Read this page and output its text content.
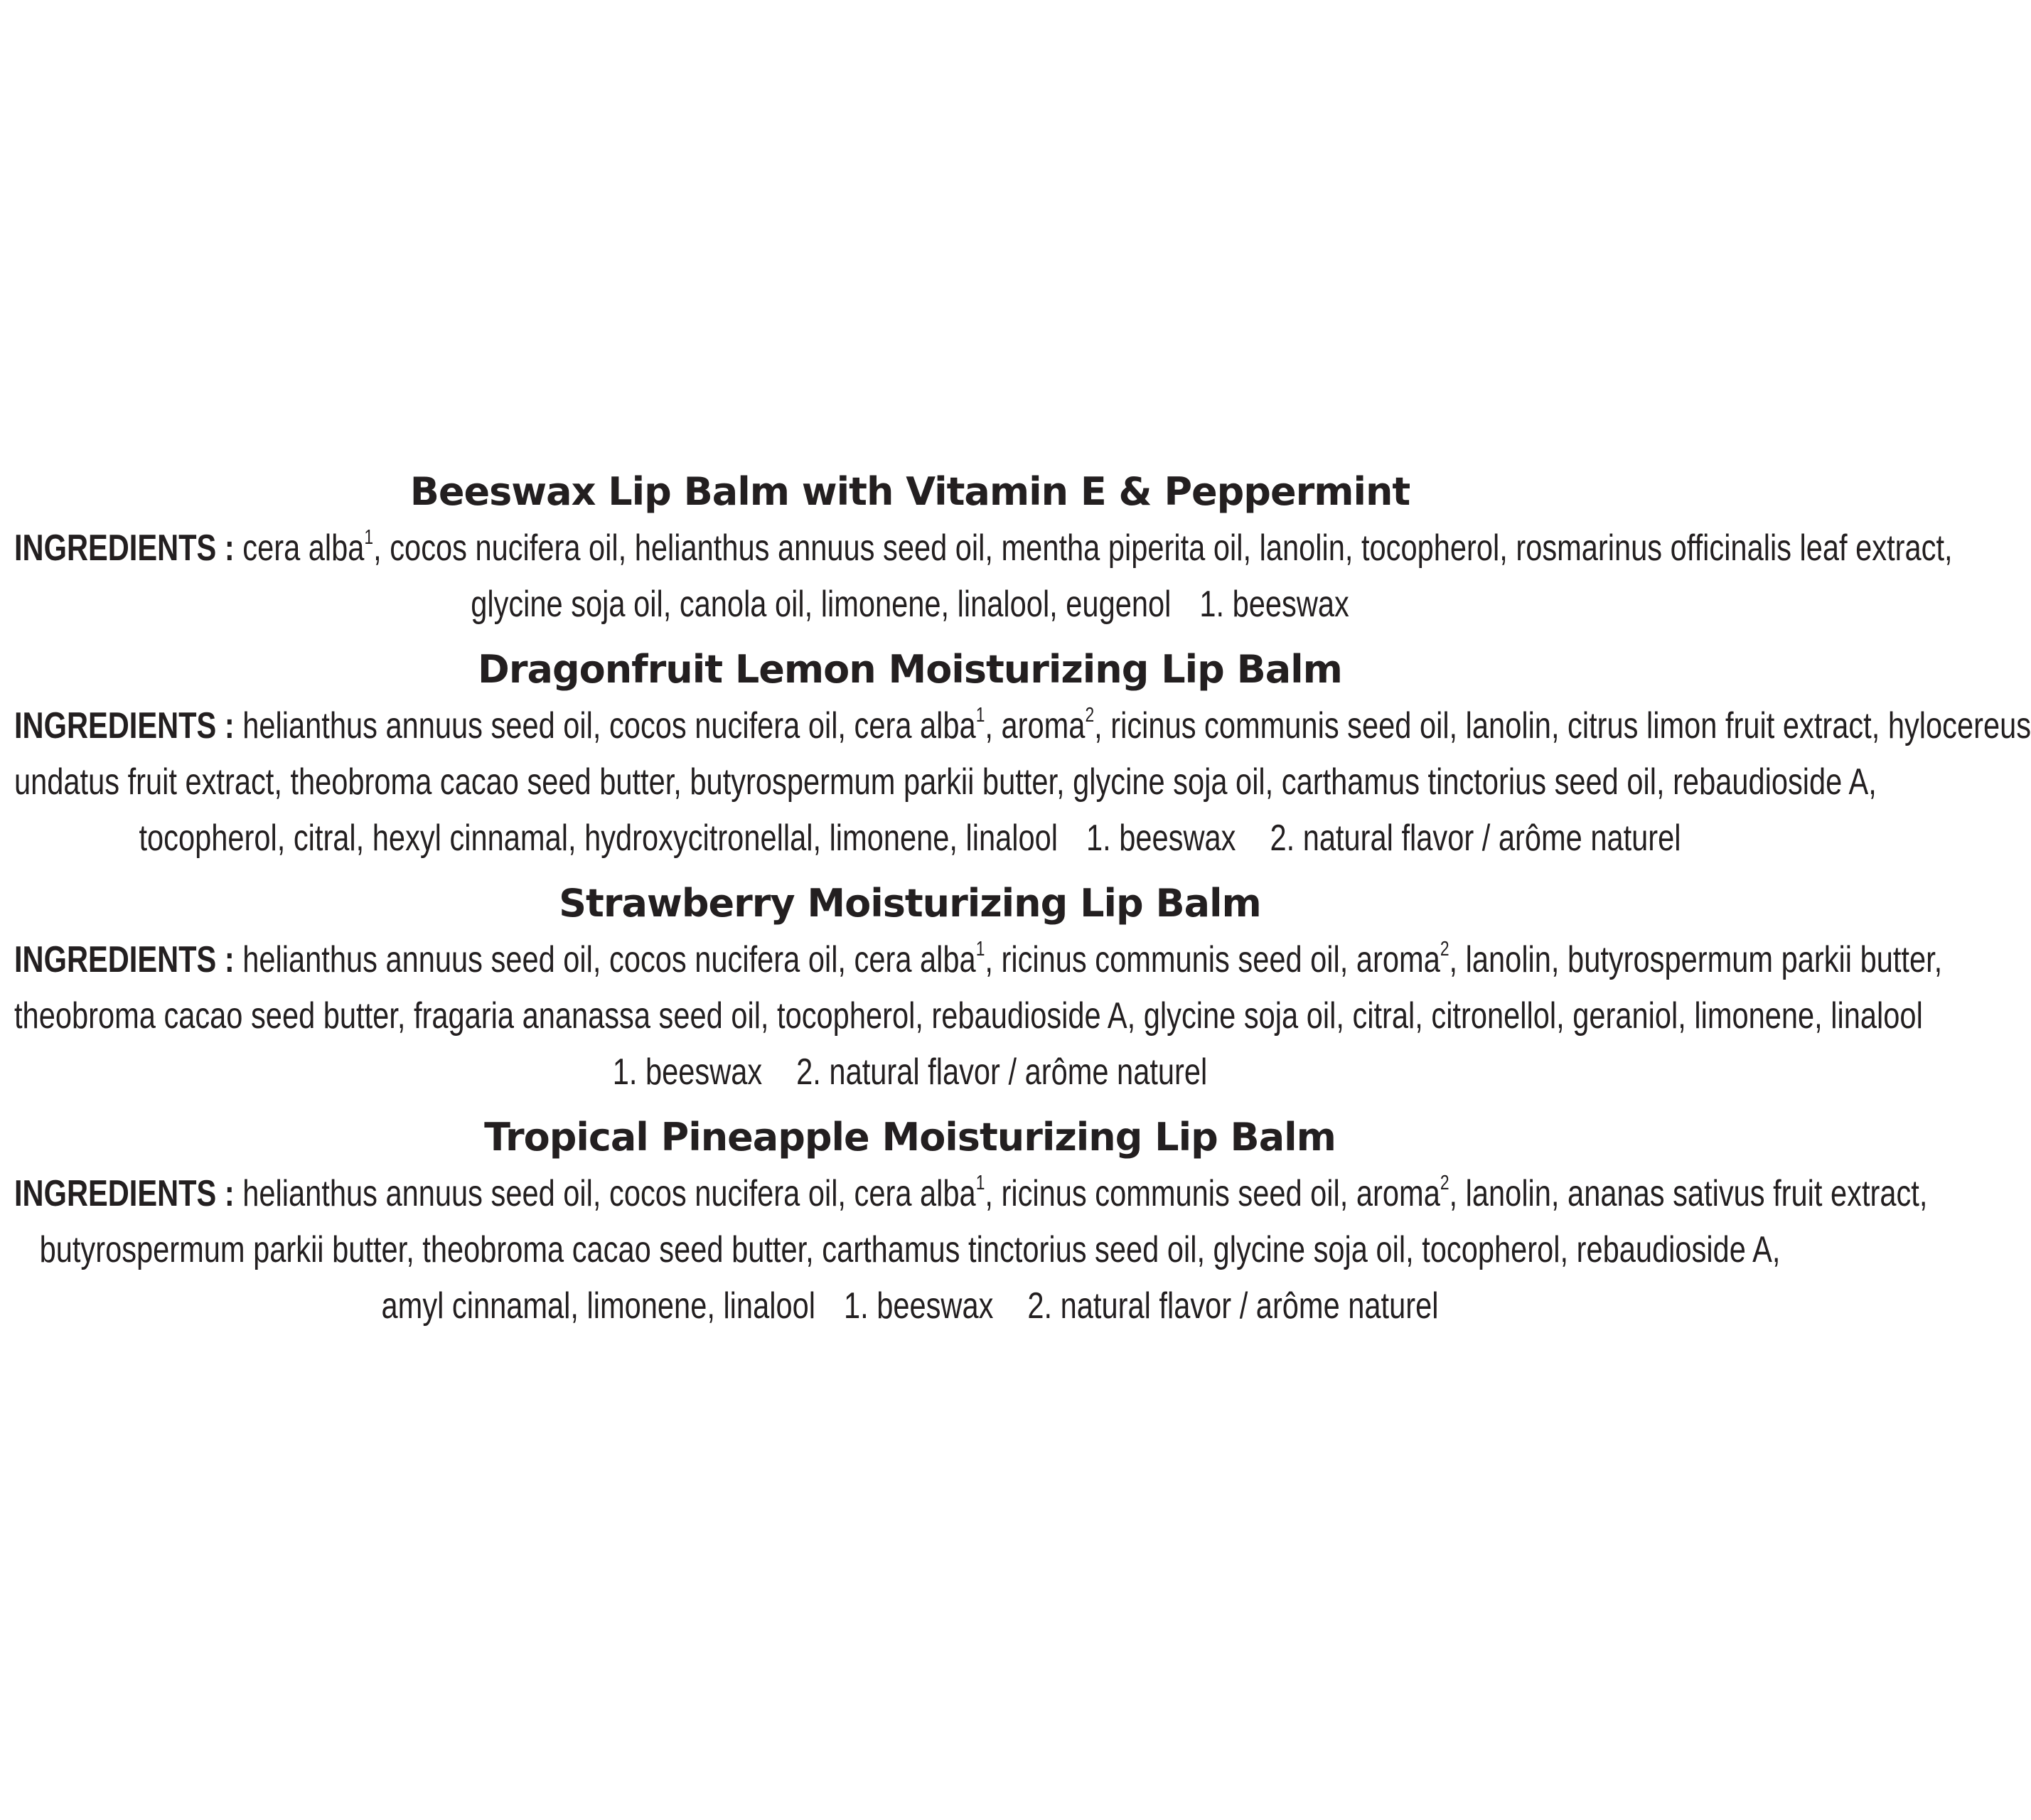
Beeswax Lip Balm with Vitamin E & Peppermint
INGREDIENTS : cera alba$^1$, cocos nucifera oil, helianthus annuus seed oil, mentha piperita oil, lanolin, tocopherol, rosmarinus officinalis leaf extract,
glycine soja oil, canola oil, limonene, linalool, eugenol 1. beeswax
Dragonfruit Lemon Moisturizing Lip Balm
INGREDIENTS : helianthus annuus seed oil, cocos nucifera oil, cera alba$^1$, aroma$^2$, ricinus communis seed oil, lanolin, citrus limon fruit extract, hylocereus
undatus fruit extract, theobroma cacao seed butter, butyrospermum parkii butter, glycine soja oil, carthamus tinctorius seed oil, rebaudioside A,
tocopherol, citral, hexyl cinnamal, hydroxycitronellal, limonene, linalool 1. beeswax 2. natural flavor / arôme naturel
Strawberry Moisturizing Lip Balm
INGREDIENTS : helianthus annuus seed oil, cocos nucifera oil, cera alba$^1$, ricinus communis seed oil, aroma$^2$, lanolin, butyrospermum parkii butter,
theobroma cacao seed butter, fragaria ananassa seed oil, tocopherol, rebaudioside A, glycine soja oil, citral, citronellol, geraniol, limonene, linalool
1. beeswax 2. natural flavor / arôme naturel
Tropical Pineapple Moisturizing Lip Balm
INGREDIENTS : helianthus annuus seed oil, cocos nucifera oil, cera alba$^1$, ricinus communis seed oil, aroma$^2$, lanolin, ananas sativus fruit extract,
butyrospermum parkii butter, theobroma cacao seed butter, carthamus tinctorius seed oil, glycine soja oil, tocopherol, rebaudioside A,
amyl cinnamal, limonene, linalool 1. beeswax 2. natural flavor / arôme naturel
